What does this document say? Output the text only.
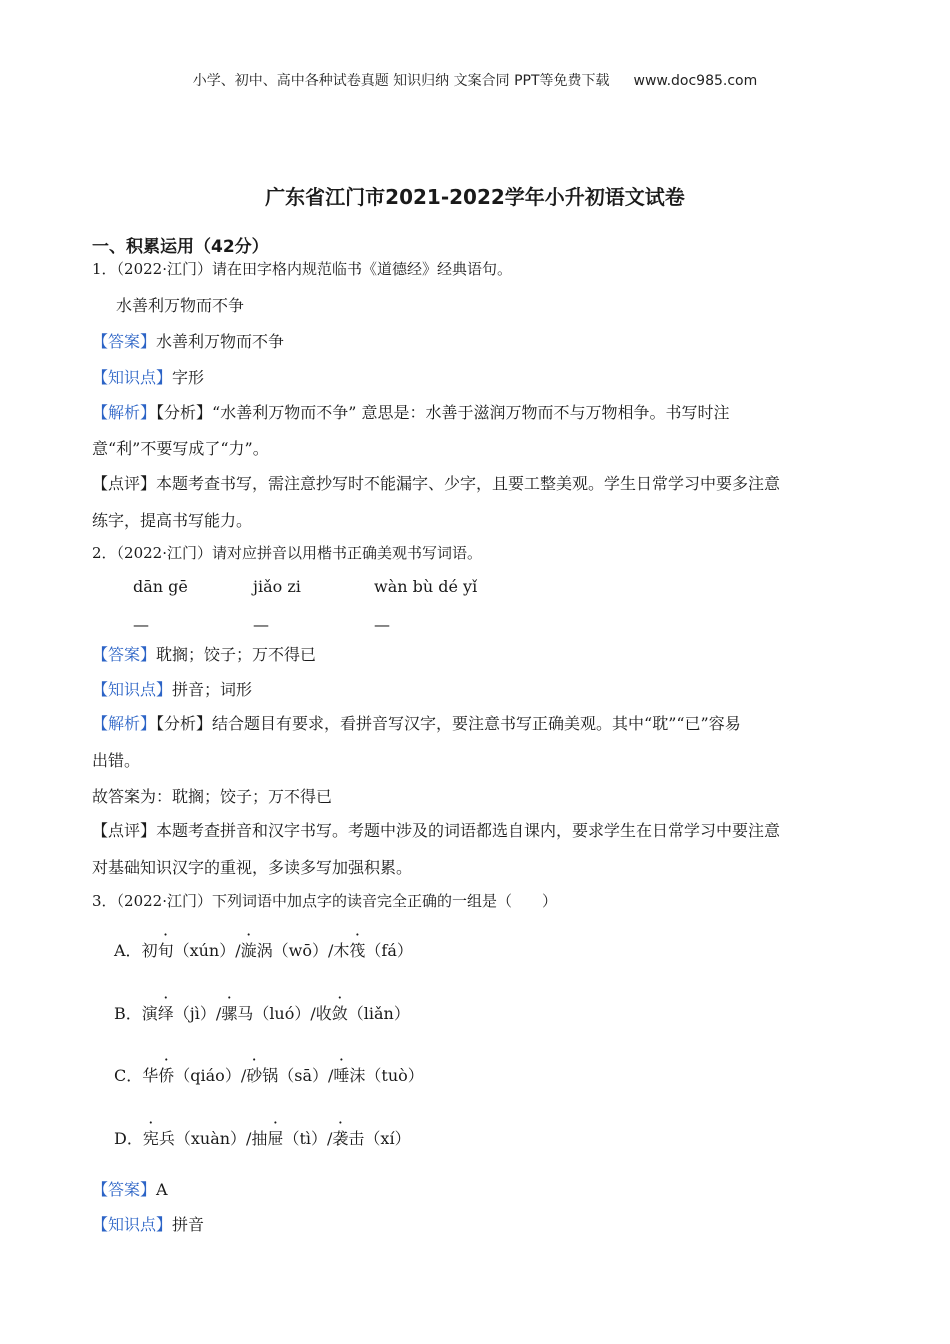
小学、初中、高中各种试卷真题 知识归纳 文案合同 PPT等免费下载 www.doc985.com
广东省江门市2021-2022学年小升初语文试卷
一、积累运用（42分）
1．（2022·江门）请在田字格内规范临书《道德经》经典语句。
水善利万物而不争
【答案】水善利万物而不争
【知识点】字形
【解析】【分析】“水善利万物而不争” 意思是：水善于滋润万物而不与万物相争。书写时注
意“利”不要写成了“力”。
【点评】本题考查书写，需注意抄写时不能漏字、少字，且要工整美观。学生日常学习中要多注意
练字，提高书写能力。
2．（2022·江门）请对应拼音以用楷书正确美观书写词语。
dān gē	jiǎo zi	wàn bù dé yǐ
—	—	—
【答案】耽搁；饺子；万不得已
【知识点】拼音；词形
【解析】【分析】结合题目有要求，看拼音写汉字，要注意书写正确美观。其中“耽”“已”容易
出错。
故答案为：耽搁；饺子；万不得已
【点评】本题考查拼音和汉字书写。考题中涉及的词语都选自课内，要求学生在日常学习中要注意
对基础知识汉字的重视，多读多写加强积累。
3．（2022·江门）下列词语中加点字的读音完全正确的一组是（　　）
A．初旬（xún）/漩涡（wō）/木筏（fá）
B．演绎（jì）/骡马（luó）/收敛（liǎn）
C．华侨（qiáo）/砂锅（sā）/唾沫（tuò）
D．宪兵（xuàn）/抽屉（tì）/袭击（xí）
【答案】A
【知识点】拼音
